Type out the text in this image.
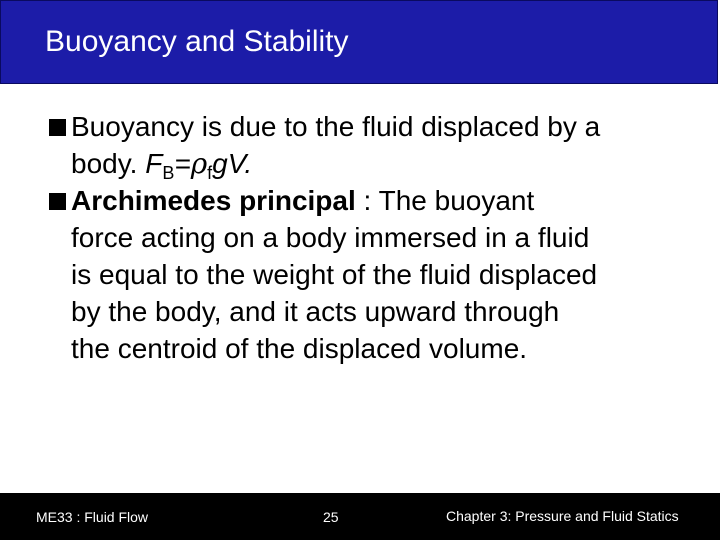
Buoyancy and Stability
Buoyancy is due to the fluid displaced by a
body. $F_B=\rho_fgV$.
Archimedes principal : The buoyant
force acting on a body immersed in a fluid
is equal to the weight of the fluid displaced
by the body, and it acts upward through
the centroid of the displaced volume.
ME33 : Fluid Flow	25	Chapter 3: Pressure and Fluid Statics
